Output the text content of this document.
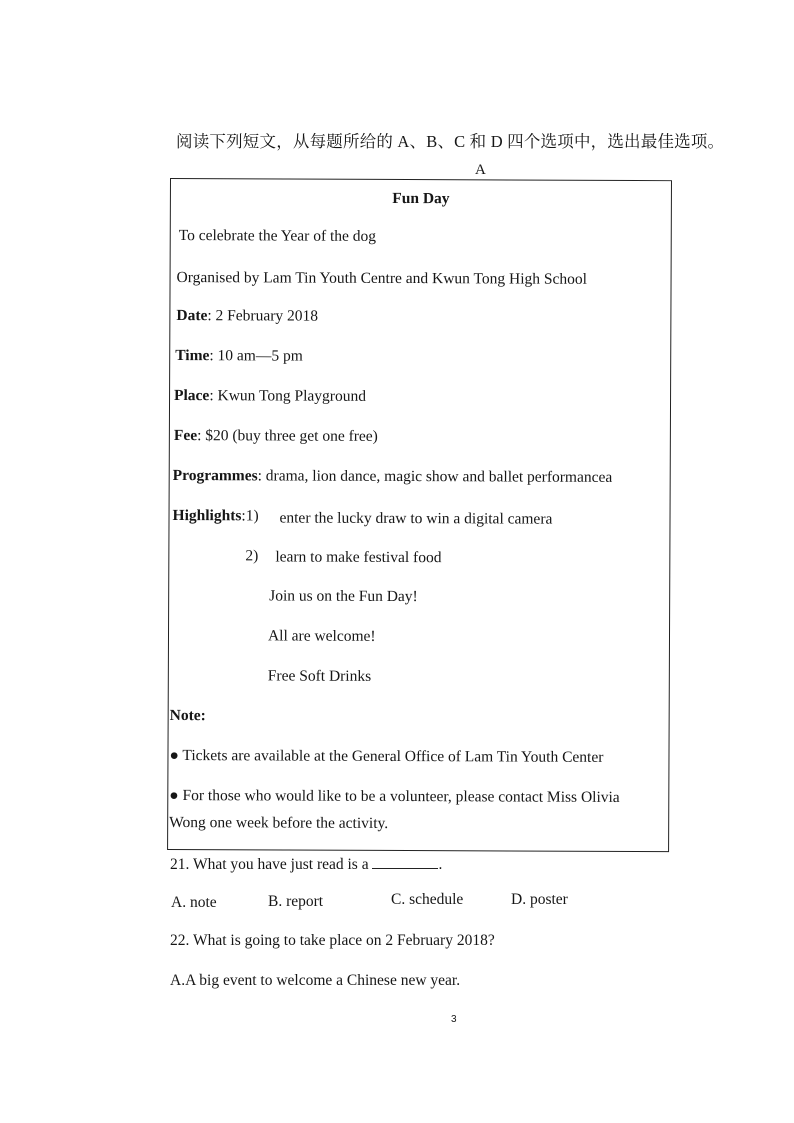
阅读下列短文，从每题所给的 A、B、C 和 D 四个选项中，选出最佳选项。
A
Fun Day
To celebrate the Year of the dog
Organised by Lam Tin Youth Centre and Kwun Tong High School
Date: 2 February 2018
Time: 10 am—5 pm
Place: Kwun Tong Playground
Fee: $20 (buy three get one free)
Programmes: drama, lion dance, magic show and ballet performancea
Highlights:1) enter the lucky draw to win a digital camera
2) learn to make festival food
Join us on the Fun Day!
All are welcome!
Free Soft Drinks
Note:
● Tickets are available at the General Office of Lam Tin Youth Center
● For those who would like to be a volunteer, please contact Miss Olivia
Wong one week before the activity.
21. What you have just read is a	.
A. note	B. report	C. schedule	D. poster
22. What is going to take place on 2 February 2018?
A.A big event to welcome a Chinese new year.
3
